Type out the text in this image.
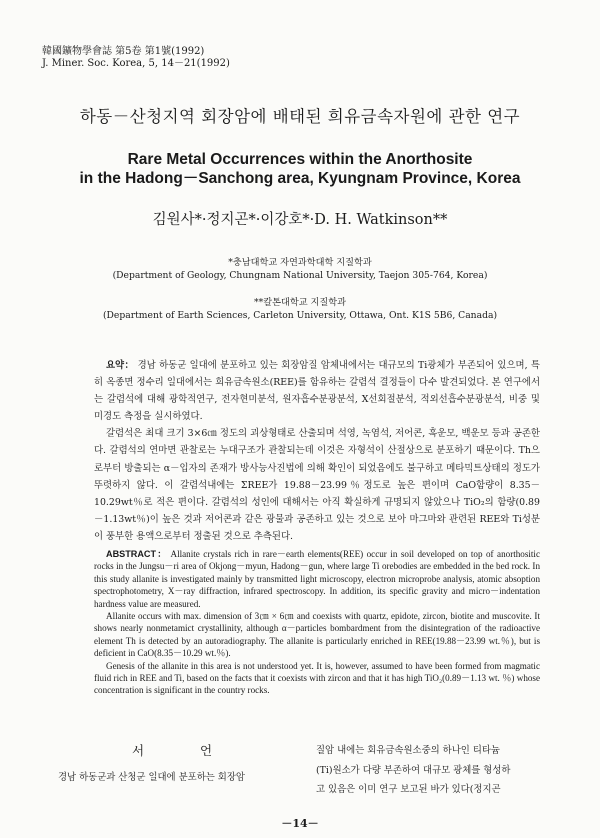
韓國鑛物學會誌 第5卷 第1號(1992)
J. Miner. Soc. Korea, 5, 14－21(1992)
하동－산청지역 회장암에 배태된 희유금속자원에 관한 연구
Rare Metal Occurrences within the Anorthosite
in the Hadong－Sanchong area, Kyungnam Province, Korea
김원사*·정지곤*·이강호*·D. H. Watkinson**
*충남대학교 자연과학대학 지질학과
(Department of Geology, Chungnam National University, Taejon 305-764, Korea)
**칼톤대학교 지질학과
(Department of Earth Sciences, Carleton University, Ottawa, Ont. K1S 5B6, Canada)

요약： 경남 하동군 일대에 분포하고 있는 회장암질 암체내에서는 대규모의 Ti광체가 부존되어 있으며, 특히 옥종면 정수리 일대에서는 희유금속원소(REE)를 함유하는 갈렴석 결정들이 다수 발견되었다. 본 연구에서는 갈렴석에 대해 광학적연구, 전자현미분석, 원자흡수분광분석, X선회절분석, 적외선흡수분광분석, 비중 및 미경도 측정을 실시하였다.

갈렴석은 최대 크기 3×6㎝ 정도의 괴상형태로 산출되며 석영, 녹염석, 저어콘, 흑운모, 백운모 등과 공존한다. 갈렴석의 연마면 관찰로는 누대구조가 관찰되는데 이것은 자형석이 산절상으로 분포하기 때문이다. Th으로부터 방출되는 α－입자의 존재가 방사능사진법에 의해 확인이 되었음에도 불구하고 메타믹트상태의 정도가 뚜렷하지 않다. 이 갈렴석내에는 ΣREE가 19.88－23.99％정도로 높은 편이며 CaO함량이 8.35－10.29wt％로 적은 편이다. 갈렴석의 성인에 대해서는 아직 확실하게 규명되지 않았으나 TiO₂의 함량(0.89－1.13wt％)이 높은 것과 저어콘과 같은 광물과 공존하고 있는 것으로 보아 마그마와 관련된 REE와 Ti성분이 풍부한 용액으로부터 정출된 것으로 추측된다.

ABSTRACT： Allanite crystals rich in rare－earth elements(REE) occur in soil developed on top of anorthositic rocks in the Jungsu－ri area of Okjong－myun, Hadong－gun, where large Ti orebodies are embedded in the bed rock. In this study allanite is investigated mainly by transmitted light microscopy, electron microprobe analysis, atomic absoption spectrophotometry, X－ray diffraction, infrared spectroscopy. In addition, its specific gravity and micro－indentation hardness value are measured.

Allanite occurs with max. dimension of 3㎝ × 6㎝ and coexists with quartz, epidote, zircon, biotite and muscovite. It shows nearly nonmetamict crystallinity, although α－particles bombardment from the disintegration of the radioactive element Th is detected by an autoradiography. The allanite is particularly enriched in REE(19.88－23.99 wt.％), but is deficient in CaO(8.35－10.29 wt.％).

Genesis of the allanite in this area is not understood yet. It is, however, assumed to have been formed from magmatic fluid rich in REE and Ti, based on the facts that it coexists with zircon and that it has high TiO₂(0.89－1.13 wt. ％) whose concentration is significant in the country rocks.

서 언
경남 하동군과 산청군 일대에 분포하는 회장암
질암 내에는 회유금속원소중의 하나인 티타늄
(Ti)원소가 다량 부존하여 대규모 광체를 형성하
고 있음은 이미 연구 보고된 바가 있다(정지곤
－14－
